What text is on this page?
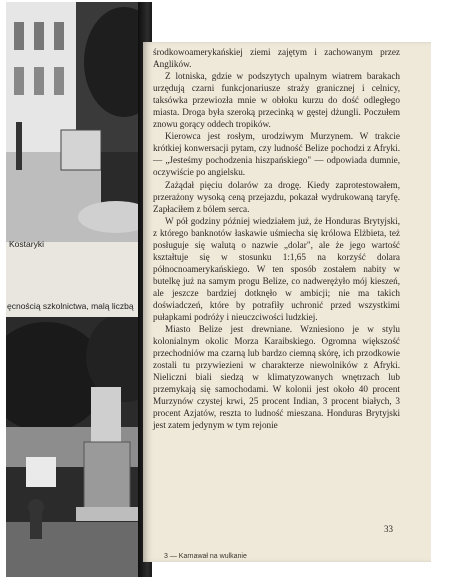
Kostaryki
ęcnością szkolnictwa, malą liczbą

środkowoamerykańskiej ziemi zajętym i zachowanym przez Anglików.

Z lotniska, gdzie w podszytych upalnym wiatrem barakach urzędują czarni funkcjonariusze straży granicznej i celnicy, taksówka przewiozła mnie w obłoku kurzu do dość odległego miasta. Droga była szeroką przecinką w gęstej dżungli. Poczułem znowu gorący oddech tropików.

Kierowca jest rosłym, urodziwym Murzynem. W trakcie krótkiej konwersacji pytam, czy ludność Belize pochodzi z Afryki. — „Jesteśmy pochodzenia hiszpańskiego" — odpowiada dumnie, oczywiście po angielsku.

Zażądał pięciu dolarów za drogę. Kiedy zaprotestowałem, przerażony wysoką ceną przejazdu, pokazał wydrukowaną taryfę. Zapłaciłem z bólem serca.

W pół godziny później wiedziałem już, że Honduras Brytyjski, z którego banknotów łaskawie uśmiecha się królowa Elżbieta, też posługuje się walutą o nazwie „dolar", ale że jego wartość kształtuje się w stosunku 1:1,65 na korzyść dolara północnoamerykańskiego. W ten sposób zostałem nabity w butelkę już na samym progu Belize, co nadwerężyło mój kieszeń, ale jeszcze bardziej dotknęło w ambicji; nie ma takich doświadczeń, które by potrafiły uchronić przed wszystkimi pułapkami podróży i nieuczciwości ludzkiej.

Miasto Belize jest drewniane. Wzniesiono je w stylu kolonialnym okolic Morza Karaibskiego. Ogromna większość przechodniów ma czarną lub bardzo ciemną skórę, ich przodkowie zostali tu przywiezieni w charakterze niewolników z Afryki. Nieliczni biali siedzą w klimatyzowanych wnętrzach lub przemykają się samochodami. W kolonii jest około 40 procent Murzynów czystej krwi, 25 procent Indian, 3 procent białych, 3 procent Azjatów, reszta to ludność mieszana. Honduras Brytyjski jest zatem jedynym w tym rejonie

33
3 — Karnawał na wulkanie
